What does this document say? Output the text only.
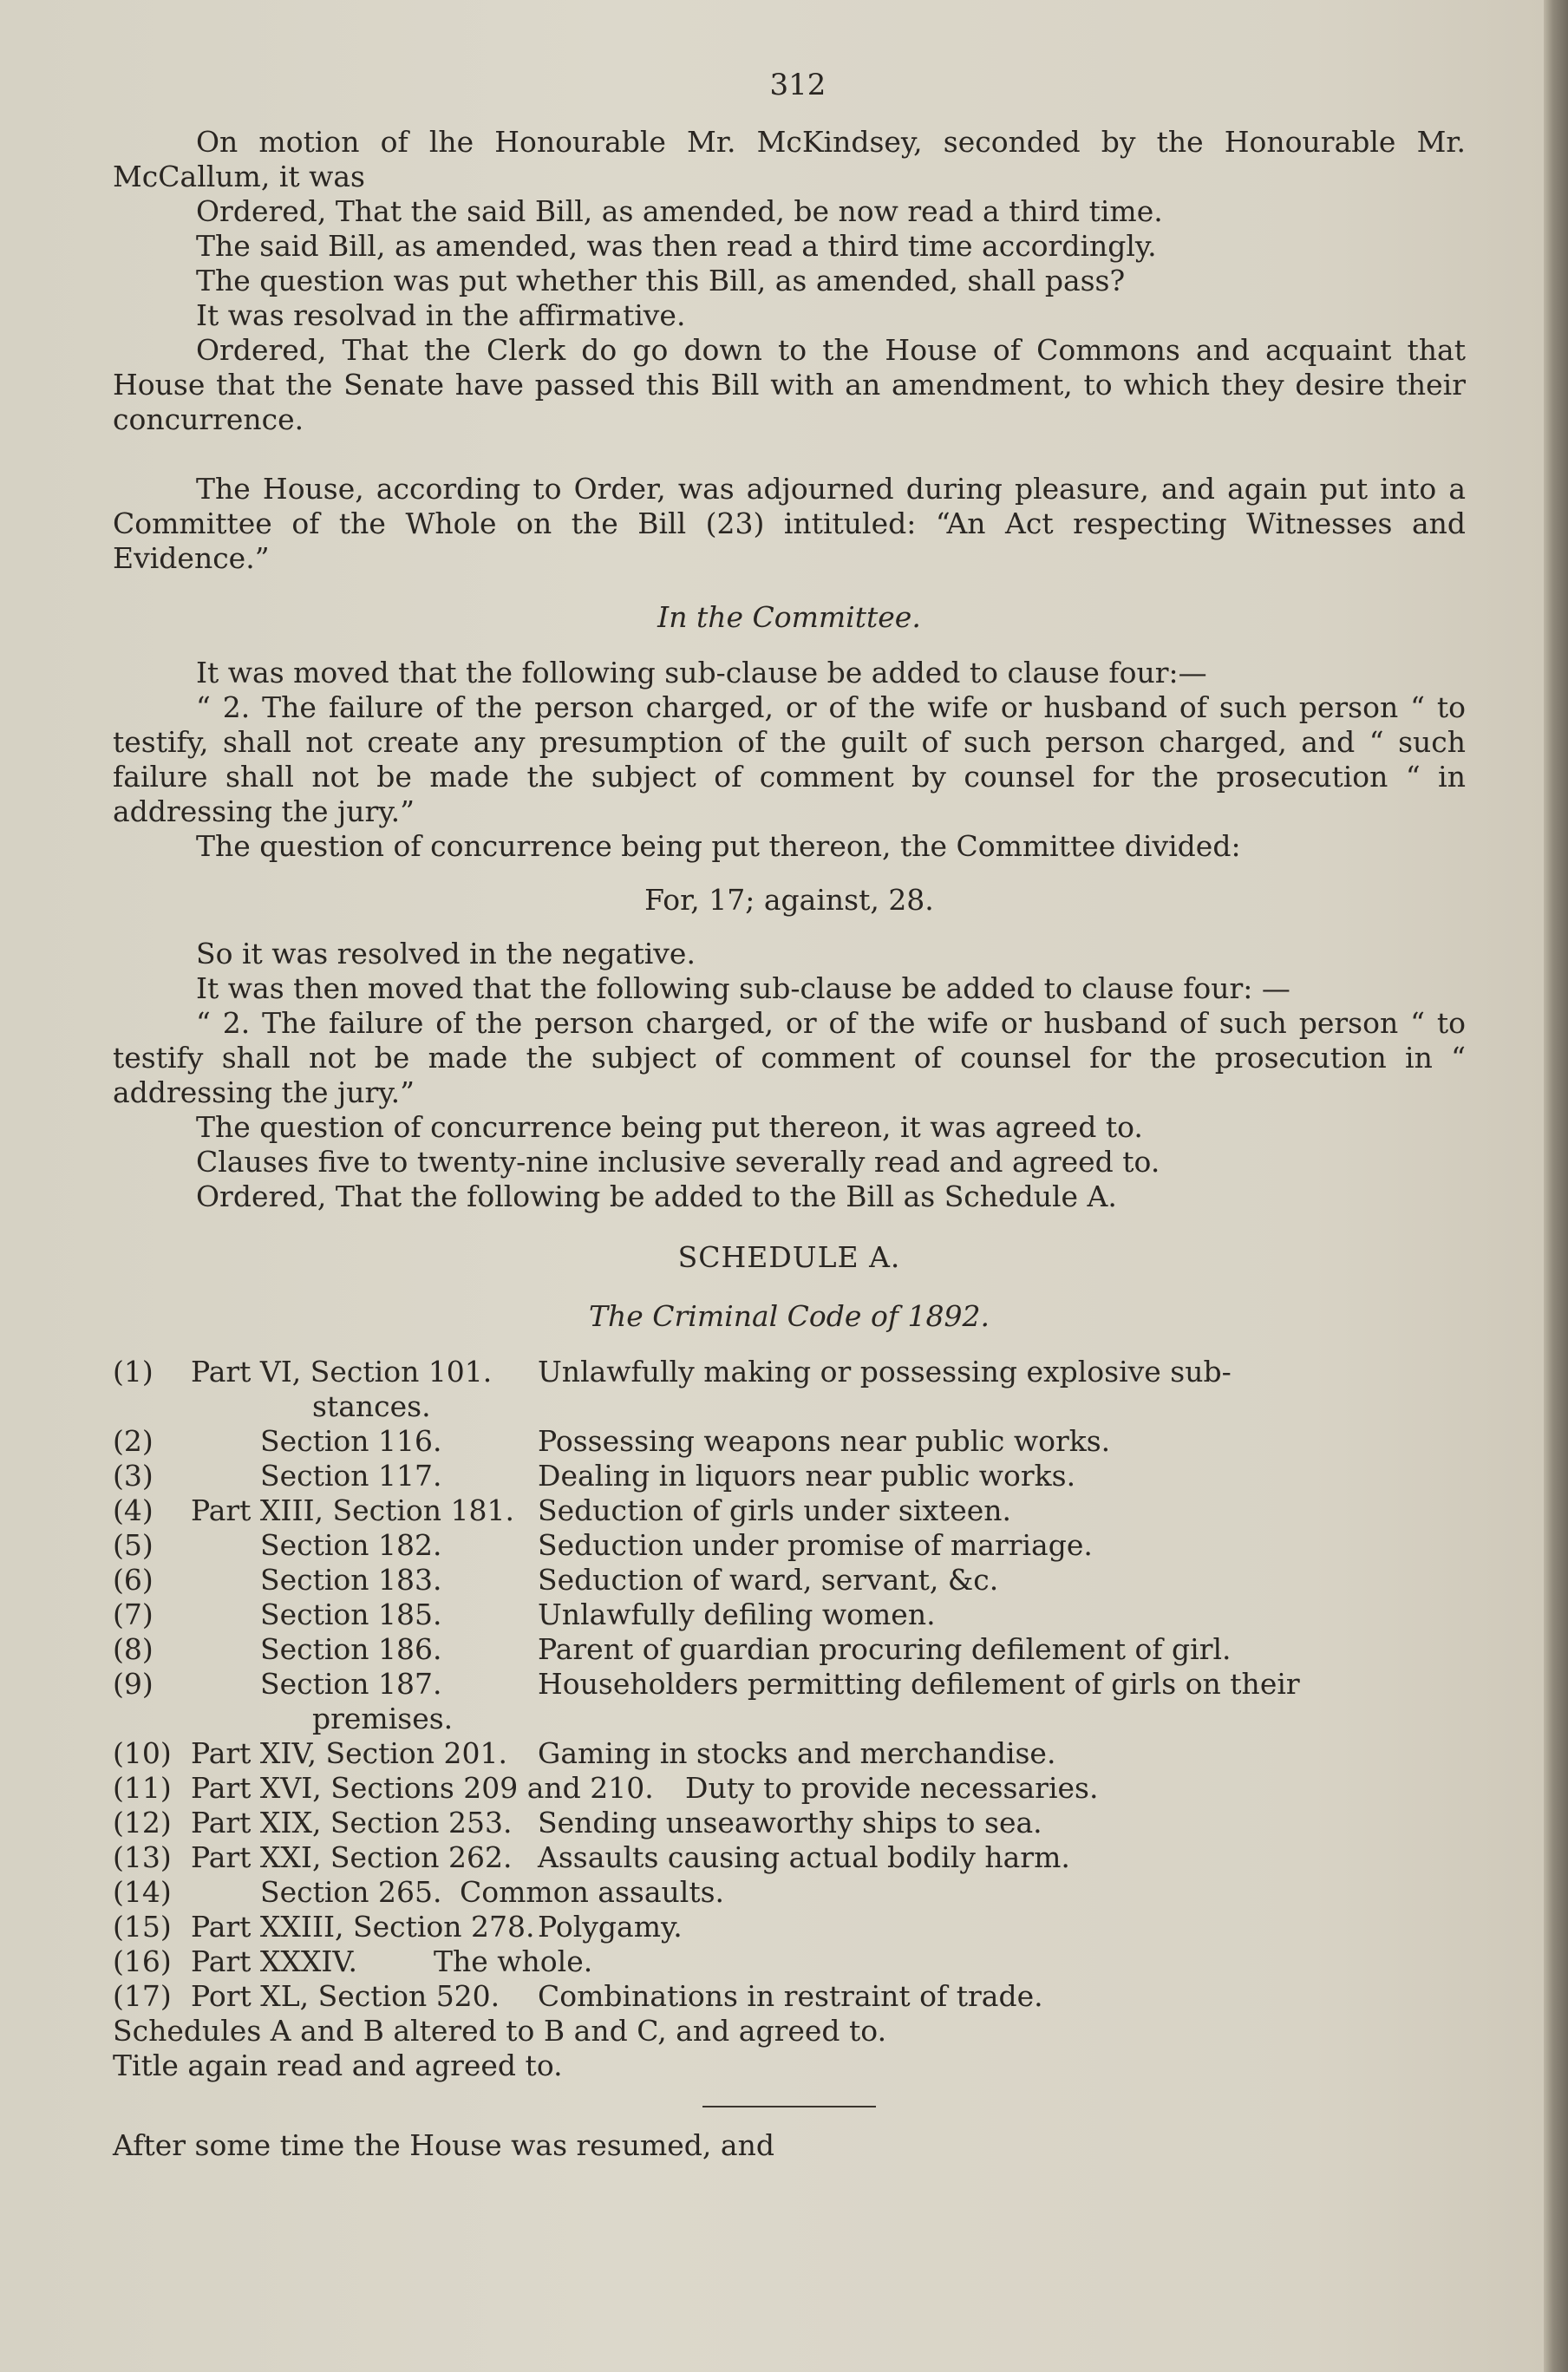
312

On motion of lhe Honourable Mr. McKindsey, seconded by the Honourable Mr. McCallum, it was

Ordered, That the said Bill, as amended, be now read a third time.

The said Bill, as amended, was then read a third time accordingly.

The question was put whether this Bill, as amended, shall pass?

It was resolvad in the affirmative.

Ordered, That the Clerk do go down to the House of Commons and acquaint that House that the Senate have passed this Bill with an amendment, to which they desire their concurrence.

The House, according to Order, was adjourned during pleasure, and again put into a Committee of the Whole on the Bill (23) intituled: “An Act respecting Witnesses and Evidence.”

In the Committee.

It was moved that the following sub-clause be added to clause four:—

“ 2. The failure of the person charged, or of the wife or husband of such person “ to testify, shall not create any presumption of the guilt of such person charged, and “ such failure shall not be made the subject of comment by counsel for the prosecution “ in addressing the jury.”

The question of concurrence being put thereon, the Committee divided:

For, 17; against, 28.

So it was resolved in the negative.

It was then moved that the following sub-clause be added to clause four: —

“ 2. The failure of the person charged, or of the wife or husband of such person “ to testify shall not be made the subject of comment of counsel for the prosecution in “ addressing the jury.”

The question of concurrence being put thereon, it was agreed to.

Clauses five to twenty-nine inclusive severally read and agreed to.

Ordered, That the following be added to the Bill as Schedule A.

SCHEDULE A.
The Criminal Code of 1892.
(1)	Part VI, Section 101.	Unlawfully making or possessing explosive sub-
stances.
(2)	Section 116.	Possessing weapons near public works.
(3)	Section 117.	Dealing in liquors near public works.
(4)	Part XIII, Section 181. Seduction of girls under sixteen.
(5)	Section 182.	Seduction under promise of marriage.
(6)	Section 183.	Seduction of ward, servant, &c.
(7)	Section 185.	Unlawfully defiling women.
(8)	Section 186.	Parent of guardian procuring defilement of girl.
(9)	Section 187.	Householders permitting defilement of girls on their
premises.
(10) Part XIV, Section 201.	Gaming in stocks and merchandise.
(11) Part XVI, Sections 209 and 210.	Duty to provide necessaries.
(12) Part XIX, Section 253. Sending unseaworthy ships to sea.
(13) Part XXI, Section 262. Assaults causing actual bodily harm.
(14)	Section 265. Common assaults.
(15) Part XXIII, Section 278. Polygamy.
(16) Part XXXIV.	The whole.
(17) Port XL, Section 520.	Combinations in restraint of trade.

Schedules A and B altered to B and C, and agreed to.

Title again read and agreed to.

After some time the House was resumed, and
